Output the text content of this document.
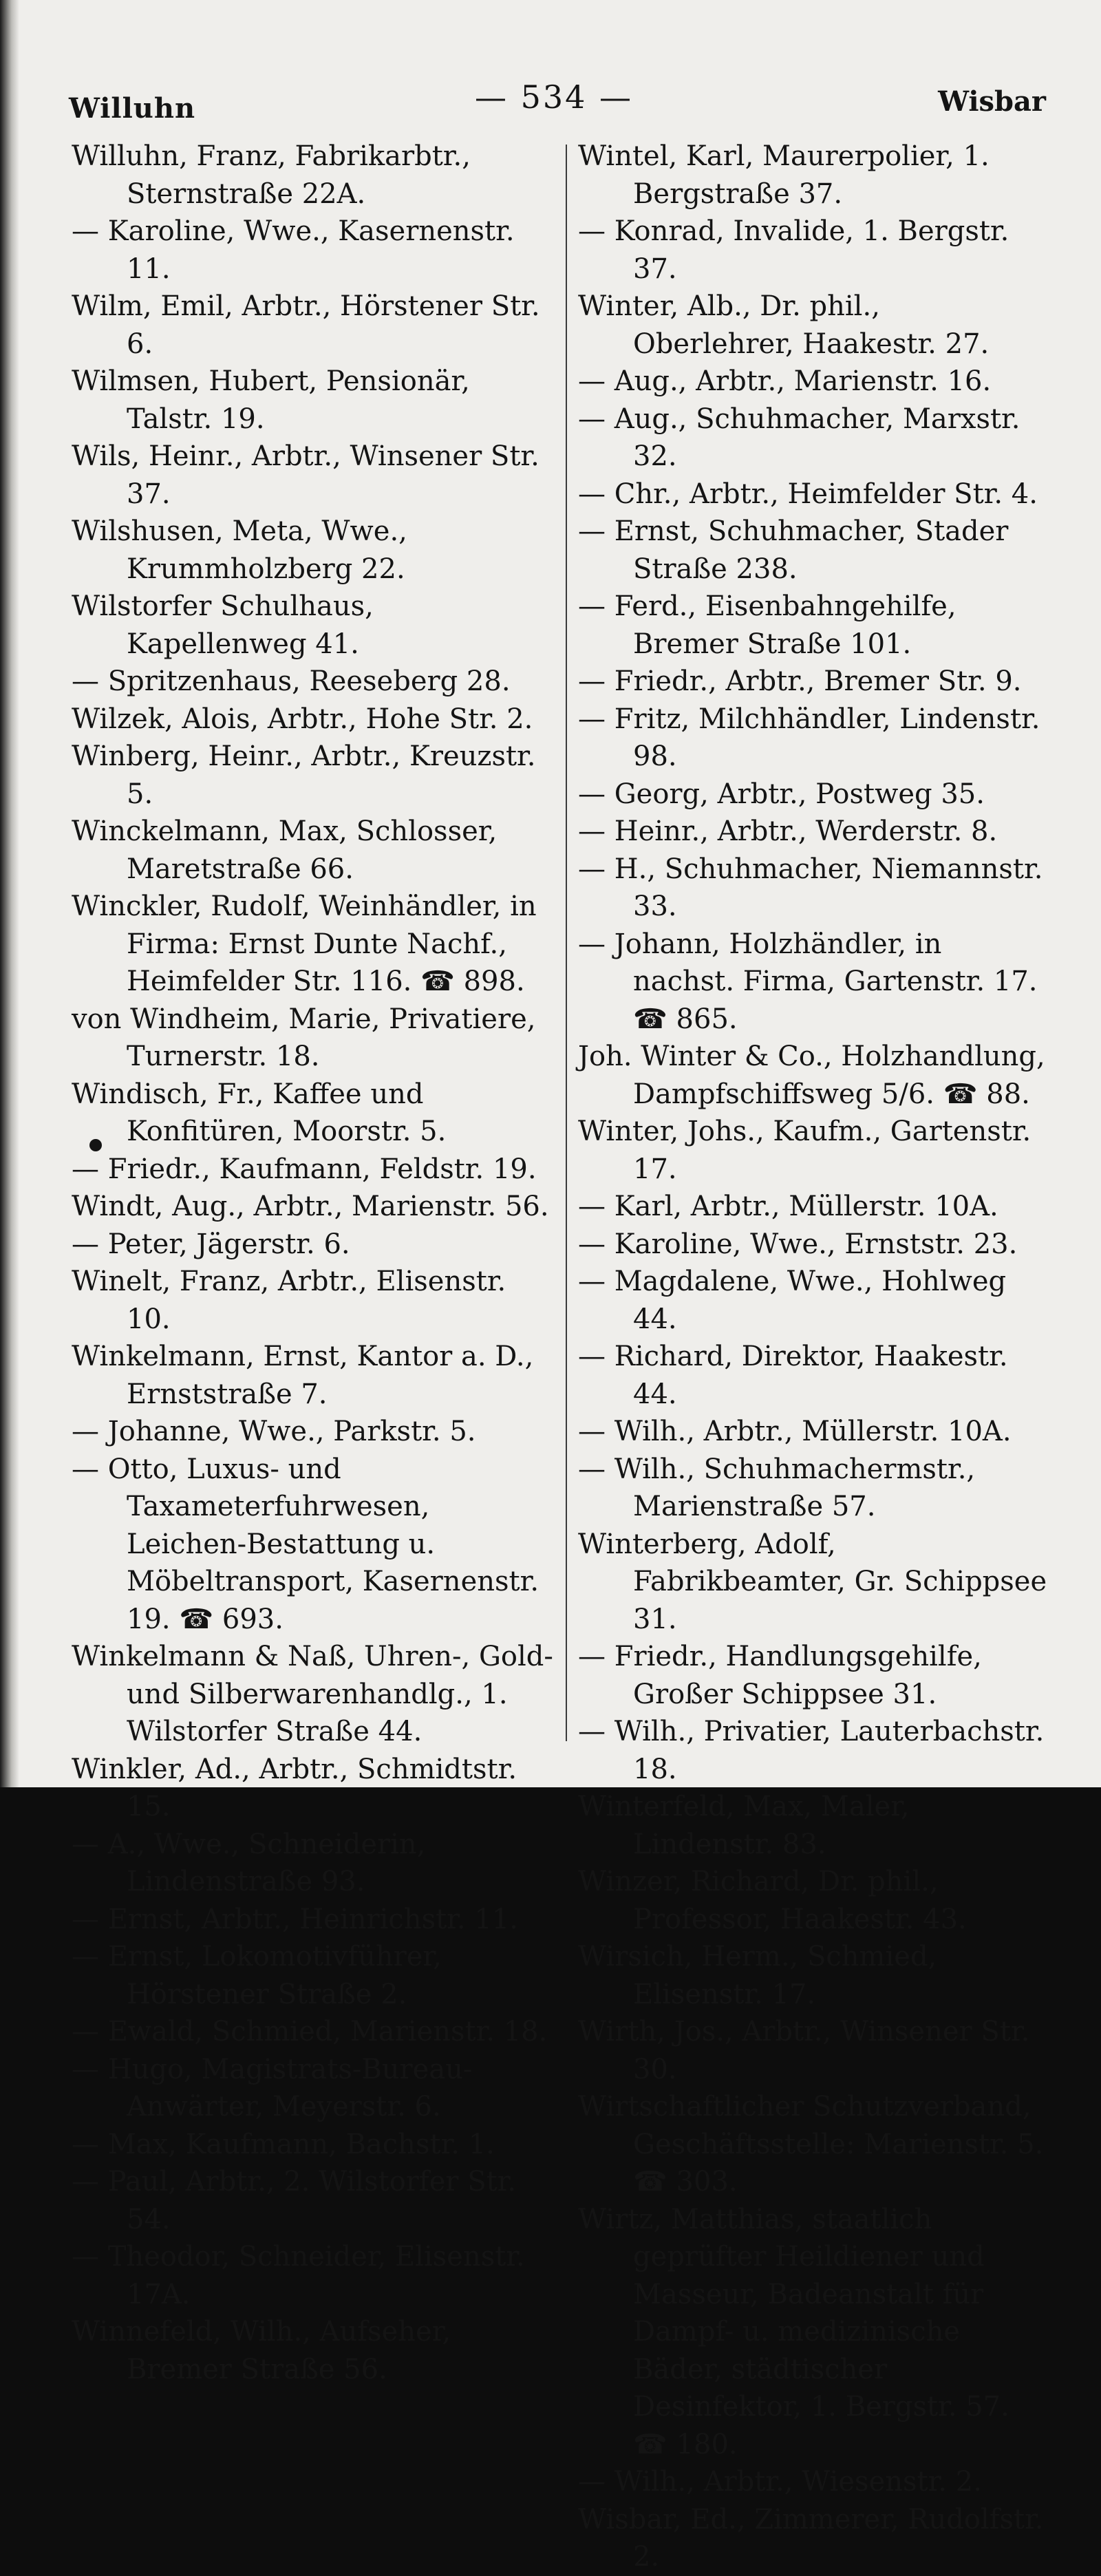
Willuhn	— 534 —	Wisbar
Willuhn, Franz, Fabrikarbtr., Sternstraße 22A.
— Karoline, Wwe., Kasernenstr. 11.
Wilm, Emil, Arbtr., Hörstener Str. 6.
Wilmsen, Hubert, Pensionär, Talstr. 19.
Wils, Heinr., Arbtr., Winsener Str. 37.
Wilshusen, Meta, Wwe., Krummholzberg 22.
Wilstorfer Schulhaus, Kapellenweg 41.
— Spritzenhaus, Reeseberg 28.
Wilzek, Alois, Arbtr., Hohe Str. 2.
Winberg, Heinr., Arbtr., Kreuzstr. 5.
Winckelmann, Max, Schlosser, Maretstraße 66.
Winckler, Rudolf, Weinhändler, in Firma: Ernst Dunte Nachf., Heimfelder Str. 116. ☎ 898.
von Windheim, Marie, Privatiere, Turnerstr. 18.
Windisch, Fr., Kaffee und Konfitüren, Moorstr. 5.
— Friedr., Kaufmann, Feldstr. 19.
Windt, Aug., Arbtr., Marienstr. 56.
— Peter, Jägerstr. 6.
Winelt, Franz, Arbtr., Elisenstr. 10.
Winkelmann, Ernst, Kantor a. D., Ernststraße 7.
— Johanne, Wwe., Parkstr. 5.
— Otto, Luxus- und Taxameterfuhrwesen, Leichen-Bestattung u. Möbeltransport, Kasernenstr. 19. ☎ 693.
Winkelmann & Naß, Uhren-, Gold- und Silberwarenhandlg., 1. Wilstorfer Straße 44.
Winkler, Ad., Arbtr., Schmidtstr. 15.
— A., Wwe., Schneiderin, Lindenstraße 93.
— Ernst, Arbtr., Heinrichstr. 11.
— Ernst, Lokomotivführer, Hörstener Straße 2.
— Ewald, Schmied, Marienstr. 18.
— Hugo, Magistrats-Bureau-Anwärter, Meyerstr. 6.
— Max, Kaufmann, Bachstr. 1.
— Paul, Arbtr., 2. Wilstorfer Str. 54.
— Theodor, Schneider, Elisenstr. 17A.
Winnefeld, Wilh., Aufseher, Bremer Straße 56.
Wintel, Karl, Maurerpolier, 1. Bergstraße 37.
— Konrad, Invalide, 1. Bergstr. 37.
Winter, Alb., Dr. phil., Oberlehrer, Haakestr. 27.
— Aug., Arbtr., Marienstr. 16.
— Aug., Schuhmacher, Marxstr. 32.
— Chr., Arbtr., Heimfelder Str. 4.
— Ernst, Schuhmacher, Stader Straße 238.
— Ferd., Eisenbahngehilfe, Bremer Straße 101.
— Friedr., Arbtr., Bremer Str. 9.
— Fritz, Milchhändler, Lindenstr. 98.
— Georg, Arbtr., Postweg 35.
— Heinr., Arbtr., Werderstr. 8.
— H., Schuhmacher, Niemannstr. 33.
— Johann, Holzhändler, in nachst. Firma, Gartenstr. 17. ☎ 865.
Joh. Winter & Co., Holzhandlung, Dampfschiffsweg 5/6. ☎ 88.
Winter, Johs., Kaufm., Gartenstr. 17.
— Karl, Arbtr., Müllerstr. 10A.
— Karoline, Wwe., Ernststr. 23.
— Magdalene, Wwe., Hohlweg 44.
— Richard, Direktor, Haakestr. 44.
— Wilh., Arbtr., Müllerstr. 10A.
— Wilh., Schuhmachermstr., Marienstraße 57.
Winterberg, Adolf, Fabrikbeamter, Gr. Schippsee 31.
— Friedr., Handlungsgehilfe, Großer Schippsee 31.
— Wilh., Privatier, Lauterbachstr. 18.
Winterfeld, Max, Maler, Lindenstr. 83.
Winzer, Richard, Dr. phil., Professor, Haakestr. 43.
Wirsich, Herm., Schmied, Elisenstr. 17.
Wirth, Jos., Arbtr., Winsener Str. 30.
Wirtschaftlicher Schutzverband, Geschäftsstelle: Marienstr. 5. ☎ 303.
Wirtz, Matthias, staatlich geprüfter Heildiener und Masseur, Badeanstalt für Dampf- u. medizinische Bäder, städtischer Desinfektor, 1. Bergstr. 57. ☎ 180.
— Wilh., Arbtr., Wiesenstr. 2.
Wisbar, Ed., Zimmerer, Rudolfstr. 2.
